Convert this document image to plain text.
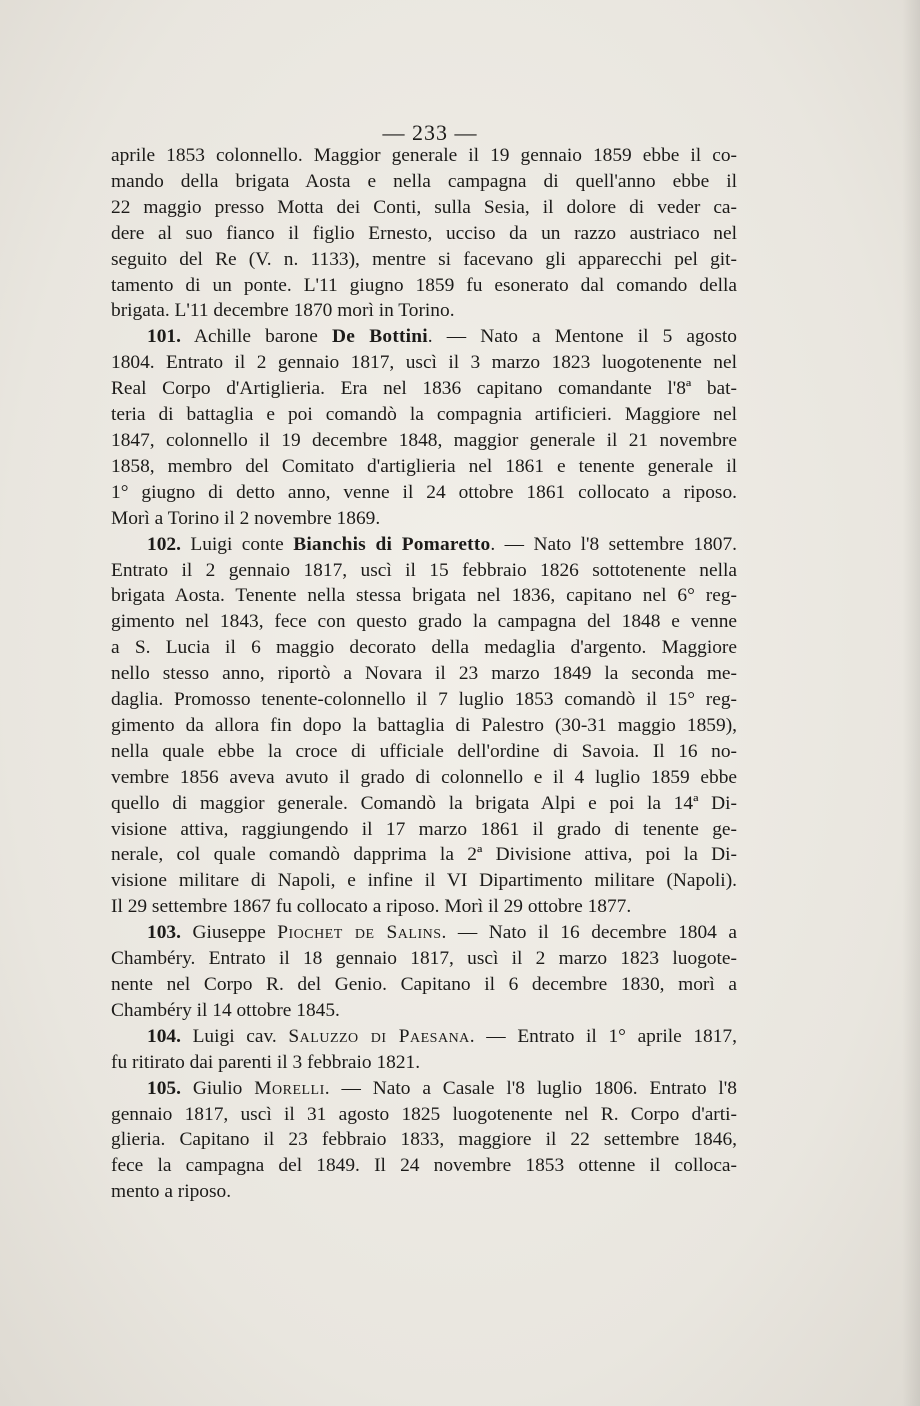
— 233 —
aprile 1853 colonnello. Maggior generale il 19 gennaio 1859 ebbe il co-
mando della brigata Aosta e nella campagna di quell'anno ebbe il
22 maggio presso Motta dei Conti, sulla Sesia, il dolore di veder ca-
dere al suo fianco il figlio Ernesto, ucciso da un razzo austriaco nel
seguito del Re (V. n. 1133), mentre si facevano gli apparecchi pel git-
tamento di un ponte. L'11 giugno 1859 fu esonerato dal comando della
brigata. L'11 decembre 1870 morì in Torino.
101. Achille barone De Bottini. — Nato a Mentone il 5 agosto
1804. Entrato il 2 gennaio 1817, uscì il 3 marzo 1823 luogotenente nel
Real Corpo d'Artiglieria. Era nel 1836 capitano comandante l'8ª bat-
teria di battaglia e poi comandò la compagnia artificieri. Maggiore nel
1847, colonnello il 19 decembre 1848, maggior generale il 21 novembre
1858, membro del Comitato d'artiglieria nel 1861 e tenente generale il
1° giugno di detto anno, venne il 24 ottobre 1861 collocato a riposo.
Morì a Torino il 2 novembre 1869.
102. Luigi conte Bianchis di Pomaretto. — Nato l'8 settembre 1807.
Entrato il 2 gennaio 1817, uscì il 15 febbraio 1826 sottotenente nella
brigata Aosta. Tenente nella stessa brigata nel 1836, capitano nel 6° reg-
gimento nel 1843, fece con questo grado la campagna del 1848 e venne
a S. Lucia il 6 maggio decorato della medaglia d'argento. Maggiore
nello stesso anno, riportò a Novara il 23 marzo 1849 la seconda me-
daglia. Promosso tenente-colonnello il 7 luglio 1853 comandò il 15° reg-
gimento da allora fin dopo la battaglia di Palestro (30-31 maggio 1859),
nella quale ebbe la croce di ufficiale dell'ordine di Savoia. Il 16 no-
vembre 1856 aveva avuto il grado di colonnello e il 4 luglio 1859 ebbe
quello di maggior generale. Comandò la brigata Alpi e poi la 14ª Di-
visione attiva, raggiungendo il 17 marzo 1861 il grado di tenente ge-
nerale, col quale comandò dapprima la 2ª Divisione attiva, poi la Di-
visione militare di Napoli, e infine il VI Dipartimento militare (Napoli).
Il 29 settembre 1867 fu collocato a riposo. Morì il 29 ottobre 1877.
103. Giuseppe Piochet de Salins. — Nato il 16 decembre 1804 a
Chambéry. Entrato il 18 gennaio 1817, uscì il 2 marzo 1823 luogote-
nente nel Corpo R. del Genio. Capitano il 6 decembre 1830, morì a
Chambéry il 14 ottobre 1845.
104. Luigi cav. Saluzzo di Paesana. — Entrato il 1° aprile 1817,
fu ritirato dai parenti il 3 febbraio 1821.
105. Giulio Morelli. — Nato a Casale l'8 luglio 1806. Entrato l'8
gennaio 1817, uscì il 31 agosto 1825 luogotenente nel R. Corpo d'arti-
glieria. Capitano il 23 febbraio 1833, maggiore il 22 settembre 1846,
fece la campagna del 1849. Il 24 novembre 1853 ottenne il colloca-
mento a riposo.
